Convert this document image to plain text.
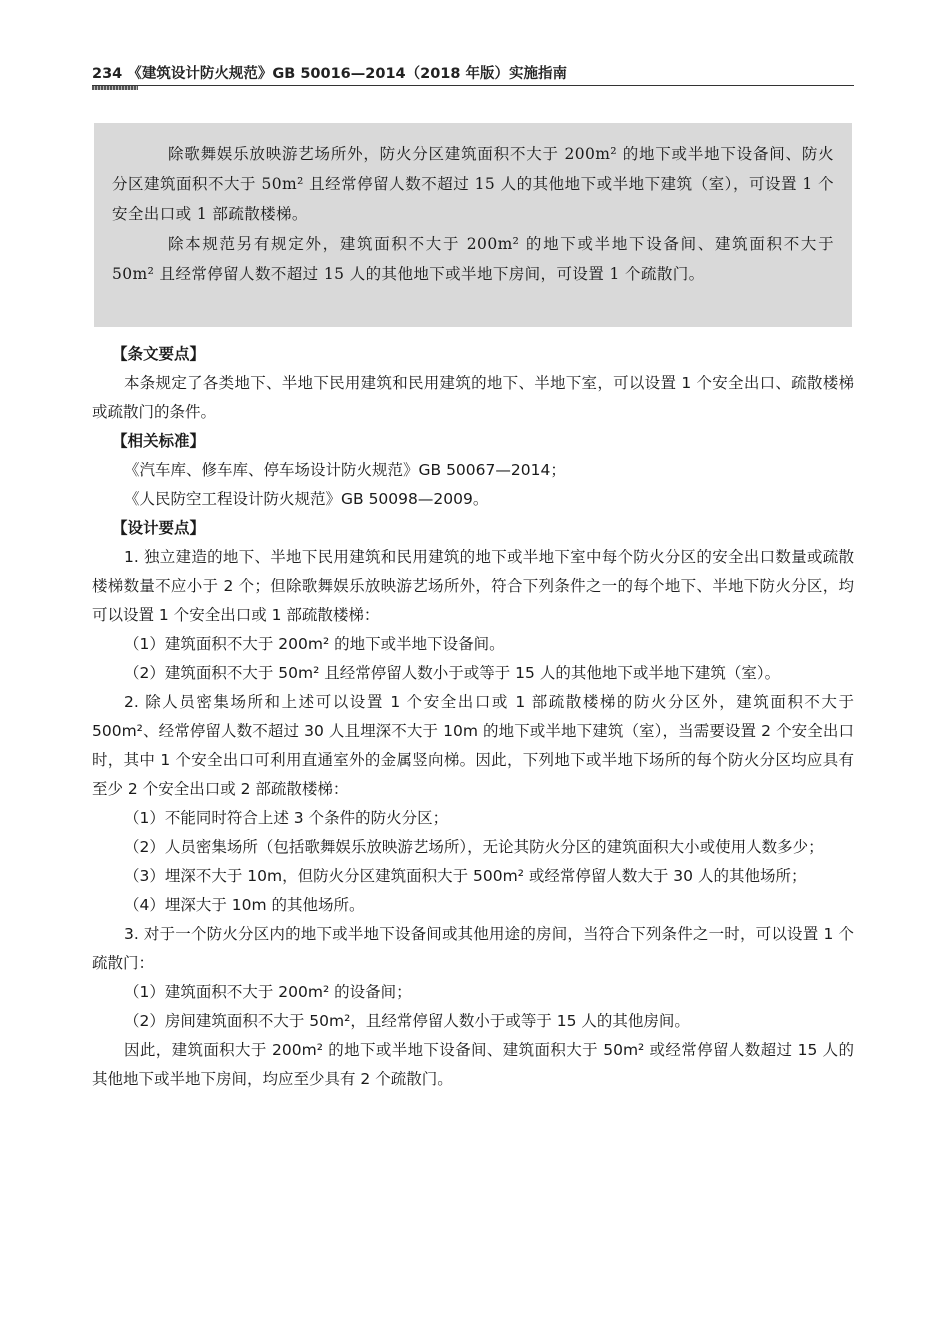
234 《建筑设计防火规范》GB 50016—2014（2018 年版）实施指南

除歌舞娱乐放映游艺场所外，防火分区建筑面积不大于 200m² 的地下或半地下设备间、防火分区建筑面积不大于 50m² 且经常停留人数不超过 15 人的其他地下或半地下建筑（室），可设置 1 个安全出口或 1 部疏散楼梯。

除本规范另有规定外，建筑面积不大于 200m² 的地下或半地下设备间、建筑面积不大于 50m² 且经常停留人数不超过 15 人的其他地下或半地下房间，可设置 1 个疏散门。

【条文要点】

本条规定了各类地下、半地下民用建筑和民用建筑的地下、半地下室，可以设置 1 个安全出口、疏散楼梯或疏散门的条件。

【相关标准】

《汽车库、修车库、停车场设计防火规范》GB 50067—2014；

《人民防空工程设计防火规范》GB 50098—2009。

【设计要点】

1. 独立建造的地下、半地下民用建筑和民用建筑的地下或半地下室中每个防火分区的安全出口数量或疏散楼梯数量不应小于 2 个；但除歌舞娱乐放映游艺场所外，符合下列条件之一的每个地下、半地下防火分区，均可以设置 1 个安全出口或 1 部疏散楼梯：

（1）建筑面积不大于 200m² 的地下或半地下设备间。

（2）建筑面积不大于 50m² 且经常停留人数小于或等于 15 人的其他地下或半地下建筑（室）。

2. 除人员密集场所和上述可以设置 1 个安全出口或 1 部疏散楼梯的防火分区外，建筑面积不大于 500m²、经常停留人数不超过 30 人且埋深不大于 10m 的地下或半地下建筑（室），当需要设置 2 个安全出口时，其中 1 个安全出口可利用直通室外的金属竖向梯。因此，下列地下或半地下场所的每个防火分区均应具有至少 2 个安全出口或 2 部疏散楼梯：

（1）不能同时符合上述 3 个条件的防火分区；

（2）人员密集场所（包括歌舞娱乐放映游艺场所），无论其防火分区的建筑面积大小或使用人数多少；

（3）埋深不大于 10m，但防火分区建筑面积大于 500m² 或经常停留人数大于 30 人的其他场所；

（4）埋深大于 10m 的其他场所。

3. 对于一个防火分区内的地下或半地下设备间或其他用途的房间，当符合下列条件之一时，可以设置 1 个疏散门：

（1）建筑面积不大于 200m² 的设备间；

（2）房间建筑面积不大于 50m²，且经常停留人数小于或等于 15 人的其他房间。

因此，建筑面积大于 200m² 的地下或半地下设备间、建筑面积大于 50m² 或经常停留人数超过 15 人的其他地下或半地下房间，均应至少具有 2 个疏散门。
